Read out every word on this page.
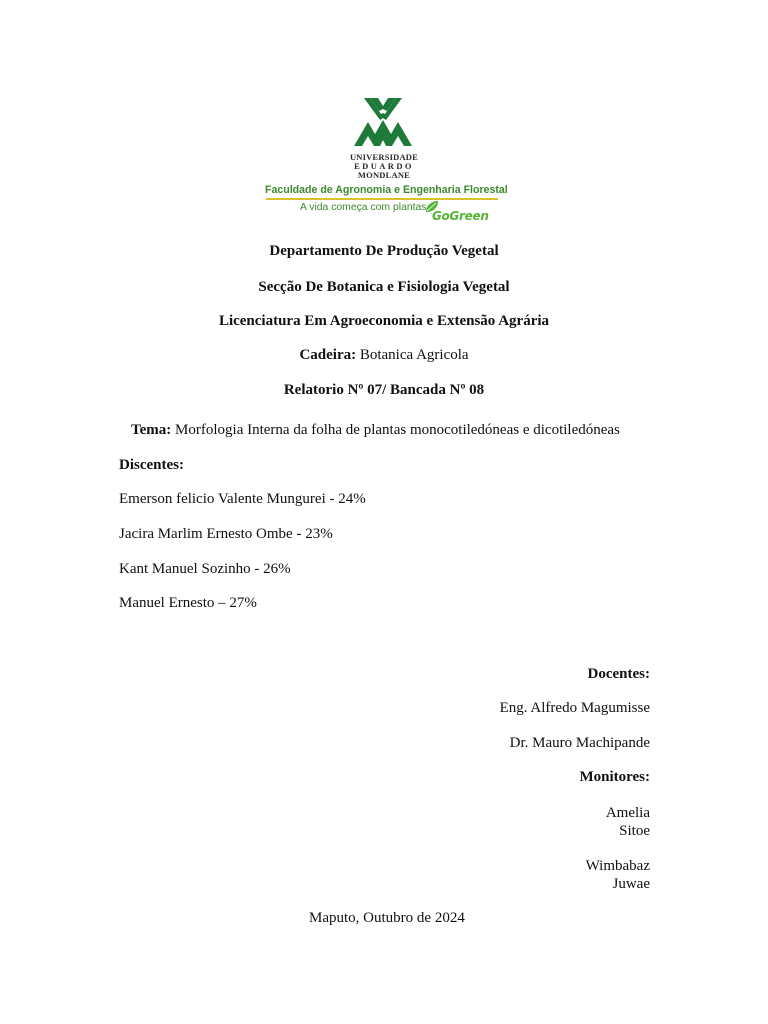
UNIVERSIDADE
EDUARDO
MONDLANE
Faculdade de Agronomia e Engenharia Florestal
A vida começa com plantas
GoGreen
Departamento De Produção Vegetal
Secção De Botanica e Fisiologia Vegetal
Licenciatura Em Agroeconomia e Extensão Agrária
Cadeira: Botanica Agricola
Relatorio Nº 07/ Bancada Nº 08
Tema: Morfologia Interna da folha de plantas monocotiledóneas e dicotiledóneas
Discentes:
Emerson felicio Valente Mungurei - 24%
Jacira Marlim Ernesto Ombe - 23%
Kant Manuel Sozinho - 26%
Manuel Ernesto – 27%
Docentes:
Eng. Alfredo Magumisse
Dr. Mauro Machipande
Monitores:
Amelia
Sitoe
Wimbabaz
Juwae
Maputo, Outubro de 2024
